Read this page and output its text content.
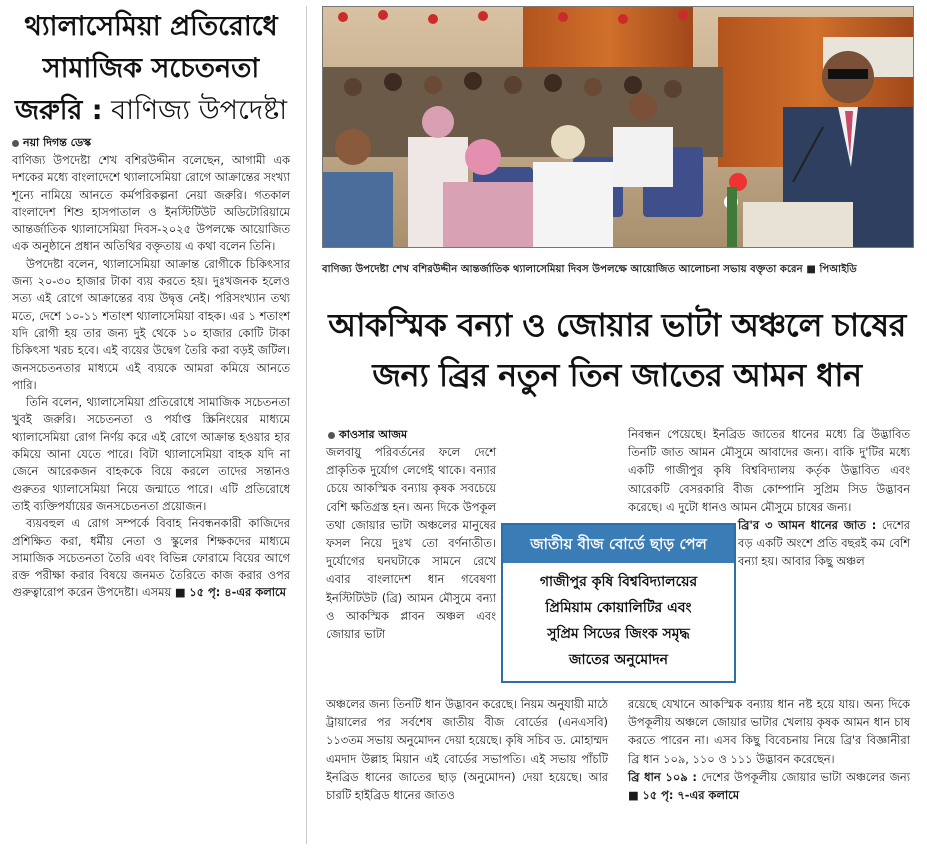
থ্যালাসেমিয়া প্রতিরোধে
সামাজিক সচেতনতা
জরুরি : বাণিজ্য উপদেষ্টা
নয়া দিগন্ত ডেস্ক

বাণিজ্য উপদেষ্টা শেখ বশিরউদ্দীন বলেছেন, আগামী এক দশকের মধ্যে বাংলাদেশে থ্যালাসেমিয়া রোগে আক্রান্তের সংখ্যা শূন্যে নামিয়ে আনতে কর্মপরিকল্পনা নেয়া জরুরি। গতকাল বাংলাদেশ শিশু হাসপাতাল ও ইনস্টিটিউট অডিটোরিয়ামে আন্তর্জাতিক থ্যালাসেমিয়া দিবস-২০২৫ উপলক্ষে আয়োজিত এক অনুষ্ঠানে প্রধান অতিথির বক্তৃতায় এ কথা বলেন তিনি।

উপদেষ্টা বলেন, থ্যালাসেমিয়া আক্রান্ত রোগীকে চিকিৎসার জন্য ২০-৩০ হাজার টাকা ব্যয় করতে হয়। দুঃখজনক হলেও সত্য এই রোগে আক্রান্তের ব্যয় উদ্বৃত্ত নেই। পরিসংখ্যান তথ্য মতে, দেশে ১০-১১ শতাংশ থ্যালাসেমিয়া বাহক। এর ১ শতাংশ যদি রোগী হয় তার জন্য দুই থেকে ১০ হাজার কোটি টাকা চিকিৎসা খরচ হবে। এই ব্যয়ের উদ্বেগ তৈরি করা বড়ই জটিল। জনসচেতনতার মাধ্যমে এই ব্যয়কে আমরা কমিয়ে আনতে পারি।

তিনি বলেন, থ্যালাসেমিয়া প্রতিরোধে সামাজিক সচেতনতা খুবই জরুরি। সচেতনতা ও পর্যাপ্ত স্ক্রিনিংয়ের মাধ্যমে থ্যালাসেমিয়া রোগ নির্ণয় করে এই রোগে আক্রান্ত হওয়ার হার কমিয়ে আনা যেতে পারে। বিটা থ্যালাসেমিয়া বাহক যদি না জেনে আরেকজন বাহককে বিয়ে করলে তাদের সন্তানও গুরুতর থ্যালাসেমিয়া নিয়ে জন্মাতে পারে। এটি প্রতিরোধে তাই ব্যক্তিপর্যায়ের জনসচেতনতা প্রয়োজন।

ব্যয়বহুল এ রোগ সম্পর্কে বিবাহ নিবন্ধনকারী কাজিদের প্রশিক্ষিত করা, ধর্মীয় নেতা ও স্কুলের শিক্ষকদের মাধ্যমে সামাজিক সচেতনতা তৈরি এবং বিভিন্ন ফোরামে বিয়ের আগে রক্ত পরীক্ষা করার বিষয়ে জনমত তৈরিতে কাজ করার ওপর গুরুত্বারোপ করেন উপদেষ্টা। এসময় ■ ১৫ পৃ: ৪-এর কলামে

বাণিজ্য উপদেষ্টা শেখ বশিরউদ্দীন আন্তর্জাতিক থ্যালাসেমিয়া দিবস উপলক্ষে আয়োজিত আলোচনা সভায় বক্তৃতা করেন ■ পিআইডি
আকস্মিক বন্যা ও জোয়ার ভাটা অঞ্চলে চাষের
জন্য ব্রির নতুন তিন জাতের আমন ধান
কাওসার আজম

জলবায়ু পরিবর্তনের ফলে দেশে প্রাকৃতিক দুর্যোগ লেগেই থাকে। বন্যার চেয়ে আকস্মিক বন্যায় কৃষক সবচেয়ে বেশি ক্ষতিগ্রস্ত হন। অন্য দিকে উপকূল তথা জোয়ার ভাটা অঞ্চলের মানুষের ফসল নিয়ে দুঃখ তো বর্ণনাতীত। দুর্যোগের ঘনঘটাকে সামনে রেখে এবার বাংলাদেশ ধান গবেষণা ইনস্টিটিউট (ব্রি) আমন মৌসুমে বন্যা ও আকস্মিক প্লাবন অঞ্চল এবং জোয়ার ভাটা

নিবন্ধন পেয়েছে। ইনব্রিড জাতের ধানের মধ্যে ব্রি উদ্ভাবিত তিনটি জাত আমন মৌসুমে আবাদের জন্য। বাকি দু'টির মধ্যে একটি গাজীপুর কৃষি বিশ্ববিদ্যালয় কর্তৃক উদ্ভাবিত এবং আরেকটি বেসরকারি বীজ কোম্পানি সুপ্রিম সিড উদ্ভাবন করেছে। এ দুটো ধানও আমন মৌসুমে চাষের জন্য।

ব্রি'র ৩ আমন ধানের জাত : দেশের বড় একটি অংশে প্রতি বছরই কম বেশি বন্যা হয়। আবার কিছু অঞ্চল

অঞ্চলের জন্য তিনটি ধান উদ্ভাবন করেছে। নিয়ম অনুযায়ী মাঠে ট্রায়ালের পর সর্বশেষ জাতীয় বীজ বোর্ডের (এনএসবি) ১১৩তম সভায় অনুমোদন দেয়া হয়েছে। কৃষি সচিব ড. মোহাম্মদ এমদাদ উল্লাহ মিয়ান এই বোর্ডের সভাপতি। এই সভায় পাঁচটি ইনব্রিড ধানের জাতের ছাড় (অনুমোদন) দেয়া হয়েছে। আর চারটি হাইব্রিড ধানের জাতও

রয়েছে যেখানে আকস্মিক বন্যায় ধান নষ্ট হয়ে যায়। অন্য দিকে উপকূলীয় অঞ্চলে জোয়ার ভাটার খেলায় কৃষক আমন ধান চাষ করতে পারেন না। এসব কিছু বিবেচনায় নিয়ে ব্রি'র বিজ্ঞানীরা ব্রি ধান ১০৯, ১১০ ও ১১১ উদ্ভাবন করেছেন।

ব্রি ধান ১০৯ : দেশের উপকূলীয় জোয়ার ভাটা অঞ্চলের জন্য ■ ১৫ পৃ: ৭-এর কলামে

জাতীয় বীজ বোর্ডে ছাড় পেল
গাজীপুর কৃষি বিশ্ববিদ্যালয়ের
প্রিমিয়াম কোয়ালিটির এবং
সুপ্রিম সিডের জিংক সমৃদ্ধ
জাতের অনুমোদন
